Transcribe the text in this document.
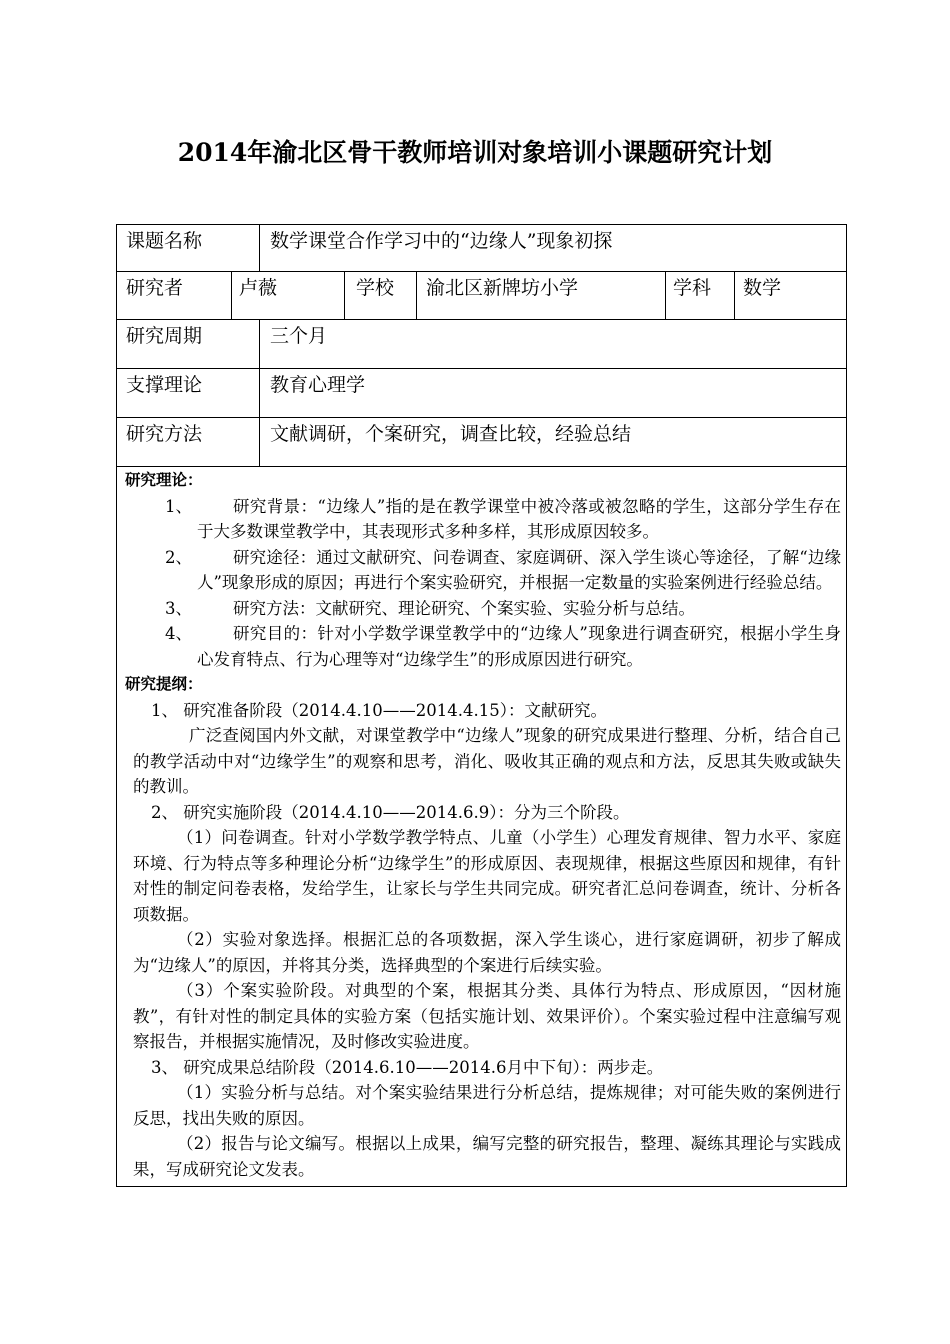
2014年渝北区骨干教师培训对象培训小课题研究计划
课题名称	数学课堂合作学习中的“边缘人”现象初探
研究者	卢薇	学校 渝北区新牌坊小学	学科 数学
研究周期	三个月
支撑理论	教育心理学
研究方法	文献调研，个案研究，调查比较，经验总结
研究理论：
1、	研究背景：“边缘人”指的是在教学课堂中被冷落或被忽略的学生，这部分学生存在于大多数课堂教学中，其表现形式多种多样，其形成原因较多。

2、	研究途径：通过文献研究、问卷调查、家庭调研、深入学生谈心等途径，了解“边缘人”现象形成的原因；再进行个案实验研究，并根据一定数量的实验案例进行经验总结。

3、	研究方法：文献研究、理论研究、个案实验、实验分析与总结。

4、	研究目的：针对小学数学课堂教学中的“边缘人”现象进行调查研究，根据小学生身心发育特点、行为心理等对“边缘学生”的形成原因进行研究。

研究提纲：

1、 研究准备阶段（2014.4.10——2014.4.15）：文献研究。

广泛查阅国内外文献，对课堂教学中“边缘人”现象的研究成果进行整理、分析，结合自己的教学活动中对“边缘学生”的观察和思考，消化、吸收其正确的观点和方法，反思其失败或缺失的教训。

2、 研究实施阶段（2014.4.10——2014.6.9）：分为三个阶段。

（1）问卷调查。针对小学数学教学特点、儿童（小学生）心理发育规律、智力水平、家庭环境、行为特点等多种理论分析“边缘学生”的形成原因、表现规律，根据这些原因和规律，有针对性的制定问卷表格，发给学生，让家长与学生共同完成。研究者汇总问卷调查，统计、分析各项数据。

（2）实验对象选择。根据汇总的各项数据，深入学生谈心，进行家庭调研，初步了解成为“边缘人”的原因，并将其分类，选择典型的个案进行后续实验。

（3）个案实验阶段。对典型的个案，根据其分类、具体行为特点、形成原因，“因材施教”，有针对性的制定具体的实验方案（包括实施计划、效果评价）。个案实验过程中注意编写观察报告，并根据实施情况，及时修改实验进度。

3、 研究成果总结阶段（2014.6.10——2014.6月中下旬）：两步走。

（1）实验分析与总结。对个案实验结果进行分析总结，提炼规律；对可能失败的案例进行反思，找出失败的原因。

（2）报告与论文编写。根据以上成果，编写完整的研究报告，整理、凝练其理论与实践成果，写成研究论文发表。
